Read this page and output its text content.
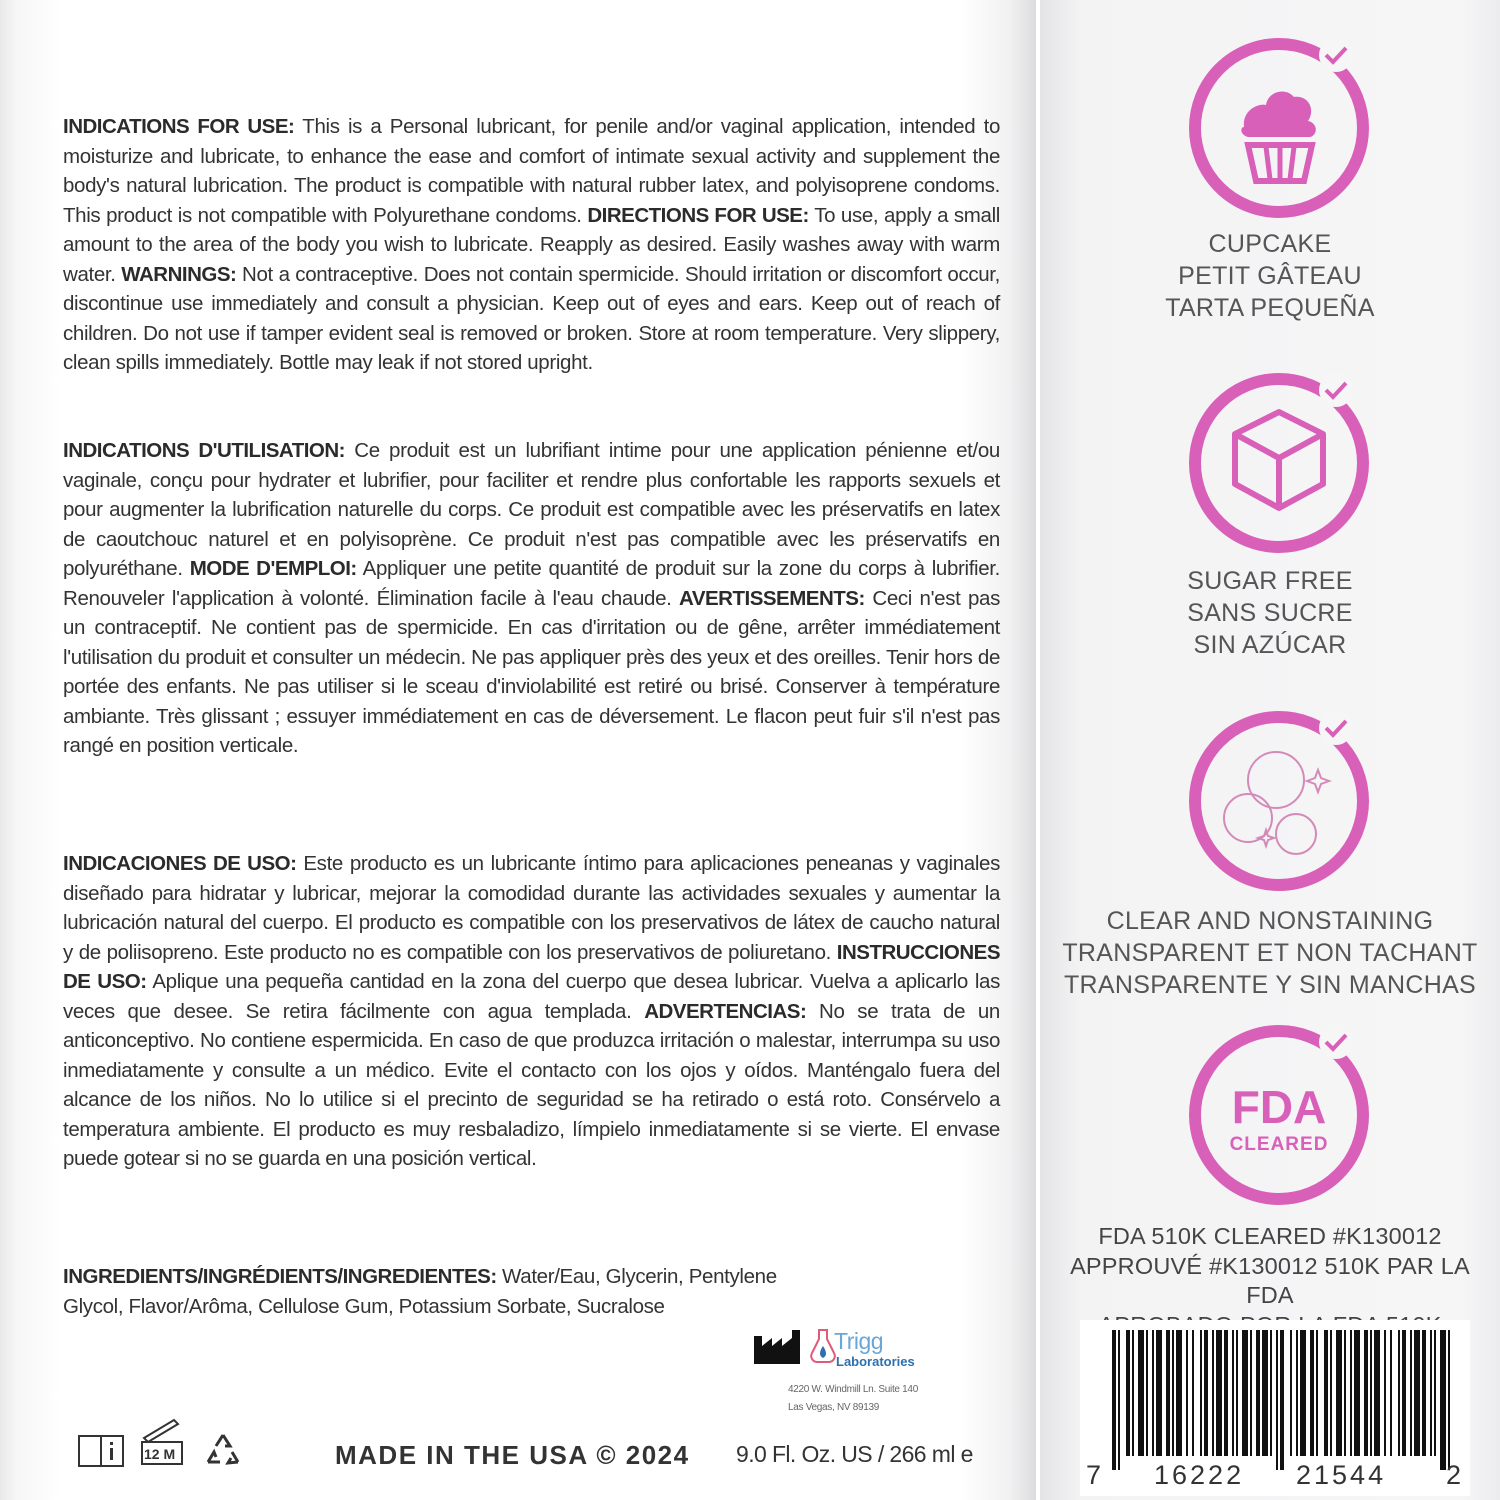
INDICATIONS FOR USE: This is a Personal lubricant, for penile and/or vaginal application, intended to moisturize and lubricate, to enhance the ease and comfort of intimate sexual activity and supplement the body's natural lubrication. The product is compatible with natural rubber latex, and polyisoprene condoms. This product is not compatible with Polyurethane condoms. DIRECTIONS FOR USE: To use, apply a small amount to the area of the body you wish to lubricate. Reapply as desired. Easily washes away with warm water. WARNINGS: Not a contraceptive. Does not contain spermicide. Should irritation or discomfort occur, discontinue use immediately and consult a physician. Keep out of eyes and ears. Keep out of reach of children. Do not use if tamper evident seal is removed or broken. Store at room temperature. Very slippery, clean spills immediately. Bottle may leak if not stored upright.
INDICATIONS D'UTILISATION: Ce produit est un lubrifiant intime pour une application pénienne et/ou vaginale, conçu pour hydrater et lubrifier, pour faciliter et rendre plus confortable les rapports sexuels et pour augmenter la lubrification naturelle du corps. Ce produit est compatible avec les préservatifs en latex de caoutchouc naturel et en polyisoprène. Ce produit n'est pas compatible avec les préservatifs en polyuréthane. MODE D'EMPLOI: Appliquer une petite quantité de produit sur la zone du corps à lubrifier. Renouveler l'application à volonté. Élimination facile à l'eau chaude. AVERTISSEMENTS: Ceci n'est pas un contraceptif. Ne contient pas de spermicide. En cas d'irritation ou de gêne, arrêter immédiatement l'utilisation du produit et consulter un médecin. Ne pas appliquer près des yeux et des oreilles. Tenir hors de portée des enfants. Ne pas utiliser si le sceau d'inviolabilité est retiré ou brisé. Conserver à température ambiante. Très glissant ; essuyer immédiatement en cas de déversement. Le flacon peut fuir s'il n'est pas rangé en position verticale.
INDICACIONES DE USO: Este producto es un lubricante íntimo para aplicaciones peneanas y vaginales diseñado para hidratar y lubricar, mejorar la comodidad durante las actividades sexuales y aumentar la lubricación natural del cuerpo. El producto es compatible con los preservativos de látex de caucho natural y de poliisopreno. Este producto no es compatible con los preservativos de poliuretano. INSTRUCCIONES DE USO: Aplique una pequeña cantidad en la zona del cuerpo que desea lubricar. Vuelva a aplicarlo las veces que desee. Se retira fácilmente con agua templada. ADVERTENCIAS: No se trata de un anticonceptivo. No contiene espermicida. En caso de que produzca irritación o malestar, interrumpa su uso inmediatamente y consulte a un médico. Evite el contacto con los ojos y oídos. Manténgalo fuera del alcance de los niños. No lo utilice si el precinto de seguridad se ha retirado o está roto. Consérvelo a temperatura ambiente. El producto es muy resbaladizo, límpielo inmediatamente si se vierte. El envase puede gotear si no se guarda en una posición vertical.
INGREDIENTS/INGRÉDIENTS/INGREDIENTES: Water/Eau, Glycerin, Pentylene Glycol, Flavor/Arôma, Cellulose Gum, Potassium Sorbate, Sucralose
Trigg
Laboratories
4220 W. Windmill Ln. Suite 140
Las Vegas, NV 89139
12 M	MADE IN THE USA © 2024 9.0 Fl. Oz. US / 266 ml e
CUPCAKE
PETIT GÂTEAU
TARTA PEQUEÑA
SUGAR FREE
SANS SUCRE
SIN AZÚCAR
CLEAR AND NONSTAINING
TRANSPARENT ET NON TACHANT
TRANSPARENTE Y SIN MANCHAS
FDA
CLEARED
FDA 510K CLEARED #K130012
APPROUVÉ #K130012 510K PAR LA FDA
7 16222 21544 2
